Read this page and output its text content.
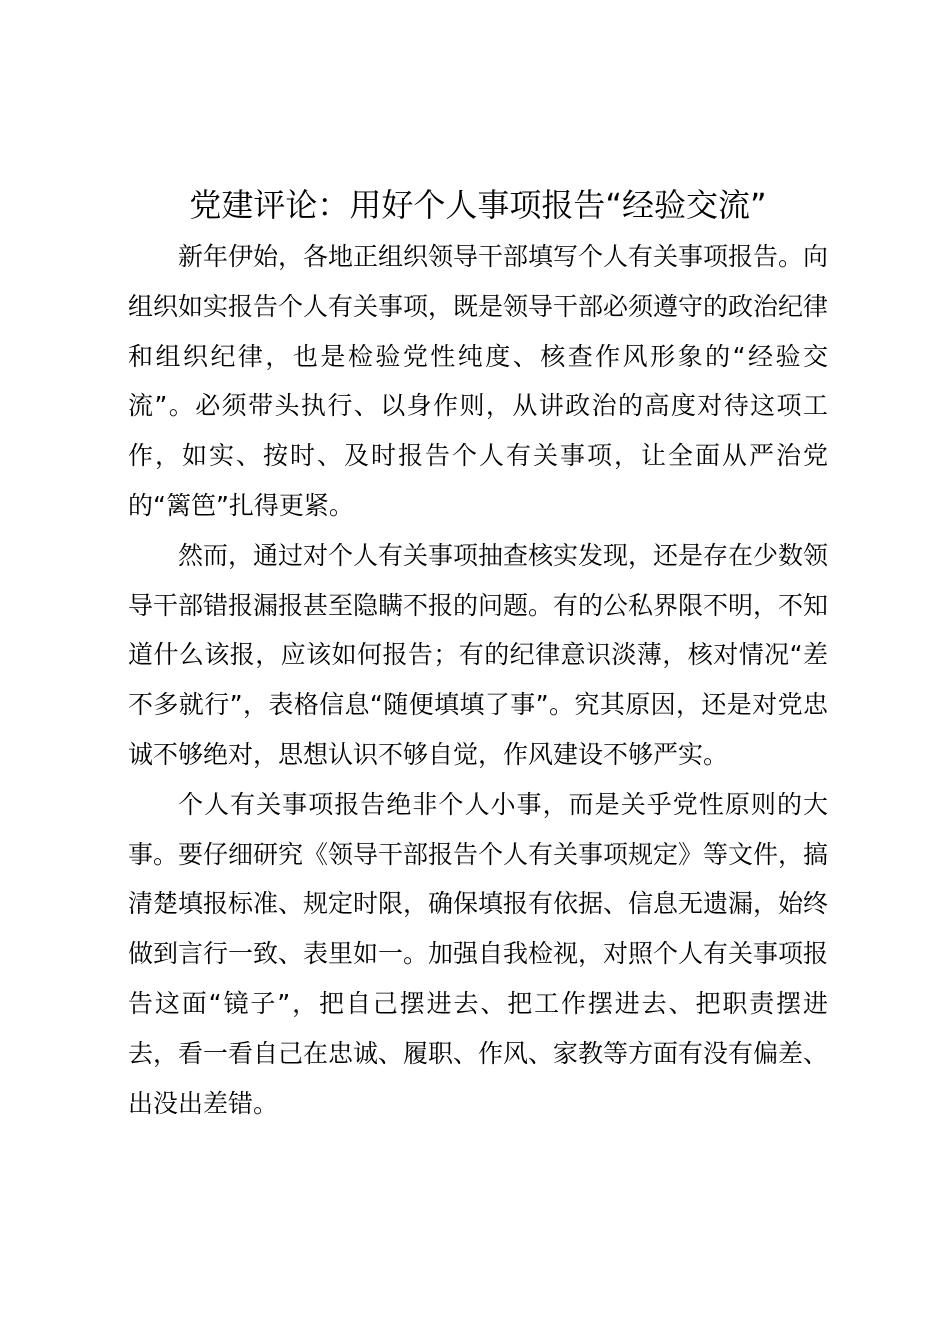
党建评论：用好个人事项报告“经验交流”

新年伊始，各地正组织领导干部填写个人有关事项报告。向组织如实报告个人有关事项，既是领导干部必须遵守的政治纪律和组织纪律，也是检验党性纯度、核查作风形象的“经验交流”。必须带头执行、以身作则，从讲政治的高度对待这项工作，如实、按时、及时报告个人有关事项，让全面从严治党的“篱笆”扎得更紧。

然而，通过对个人有关事项抽查核实发现，还是存在少数领导干部错报漏报甚至隐瞒不报的问题。有的公私界限不明，不知道什么该报，应该如何报告；有的纪律意识淡薄，核对情况“差不多就行”，表格信息“随便填填了事”。究其原因，还是对党忠诚不够绝对，思想认识不够自觉，作风建设不够严实。

个人有关事项报告绝非个人小事，而是关乎党性原则的大事。要仔细研究《领导干部报告个人有关事项规定》等文件，搞清楚填报标准、规定时限，确保填报有依据、信息无遗漏，始终做到言行一致、表里如一。加强自我检视，对照个人有关事项报告这面“镜子”，把自己摆进去、把工作摆进去、把职责摆进去，看一看自己在忠诚、履职、作风、家教等方面有没有偏差、出没出差错。
